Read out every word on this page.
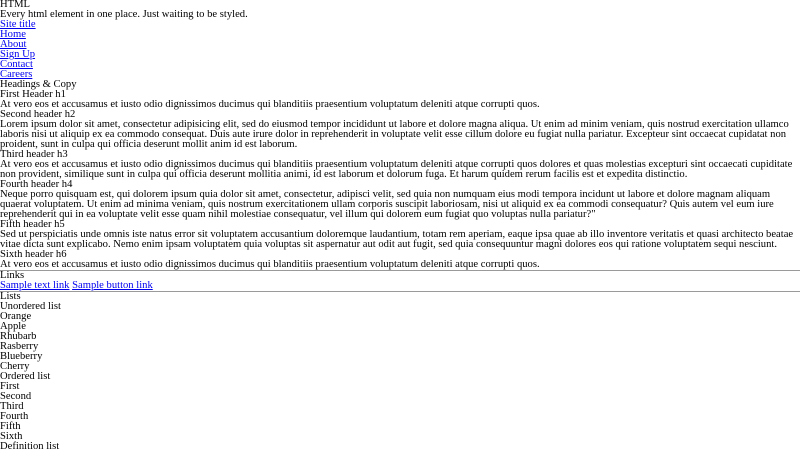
HTML
Every html element in one place. Just waiting to be styled.
Site title
Home
About
Sign Up
Contact
Careers
Headings & Copy
First Header h1

At vero eos et accusamus et iusto odio dignissimos ducimus qui blanditiis praesentium voluptatum deleniti atque corrupti quos.

Second header h2

Lorem ipsum dolor sit amet, consectetur adipisicing elit, sed do eiusmod tempor incididunt ut labore et dolore magna aliqua. Ut enim ad minim veniam, quis nostrud exercitation ullamco laboris nisi ut aliquip ex ea commodo consequat. Duis aute irure dolor in reprehenderit in voluptate velit esse cillum dolore eu fugiat nulla pariatur. Excepteur sint occaecat cupidatat non proident, sunt in culpa qui officia deserunt mollit anim id est laborum.

Third header h3

At vero eos et accusamus et iusto odio dignissimos ducimus qui blanditiis praesentium voluptatum deleniti atque corrupti quos dolores et quas molestias excepturi sint occaecati cupiditate non provident, similique sunt in culpa qui officia deserunt mollitia animi, id est laborum et dolorum fuga. Et harum quidem rerum facilis est et expedita distinctio.

Fourth header h4

Neque porro quisquam est, qui dolorem ipsum quia dolor sit amet, consectetur, adipisci velit, sed quia non numquam eius modi tempora incidunt ut labore et dolore magnam aliquam quaerat voluptatem. Ut enim ad minima veniam, quis nostrum exercitationem ullam corporis suscipit laboriosam, nisi ut aliquid ex ea commodi consequatur? Quis autem vel eum iure reprehenderit qui in ea voluptate velit esse quam nihil molestiae consequatur, vel illum qui dolorem eum fugiat quo voluptas nulla pariatur?"

Fifth header h5

Sed ut perspiciatis unde omnis iste natus error sit voluptatem accusantium doloremque laudantium, totam rem aperiam, eaque ipsa quae ab illo inventore veritatis et quasi architecto beatae vitae dicta sunt explicabo. Nemo enim ipsam voluptatem quia voluptas sit aspernatur aut odit aut fugit, sed quia consequuntur magni dolores eos qui ratione voluptatem sequi nesciunt.

Sixth header h6

At vero eos et accusamus et iusto odio dignissimos ducimus qui blanditiis praesentium voluptatum deleniti atque corrupti quos.

Links
Sample text link Sample button link
Lists
Unordered list
Orange
Apple
Rhubarb
Rasberry
Blueberry
Cherry
Ordered list
First
Second
Third
Fourth
Fifth
Sixth
Definition list
